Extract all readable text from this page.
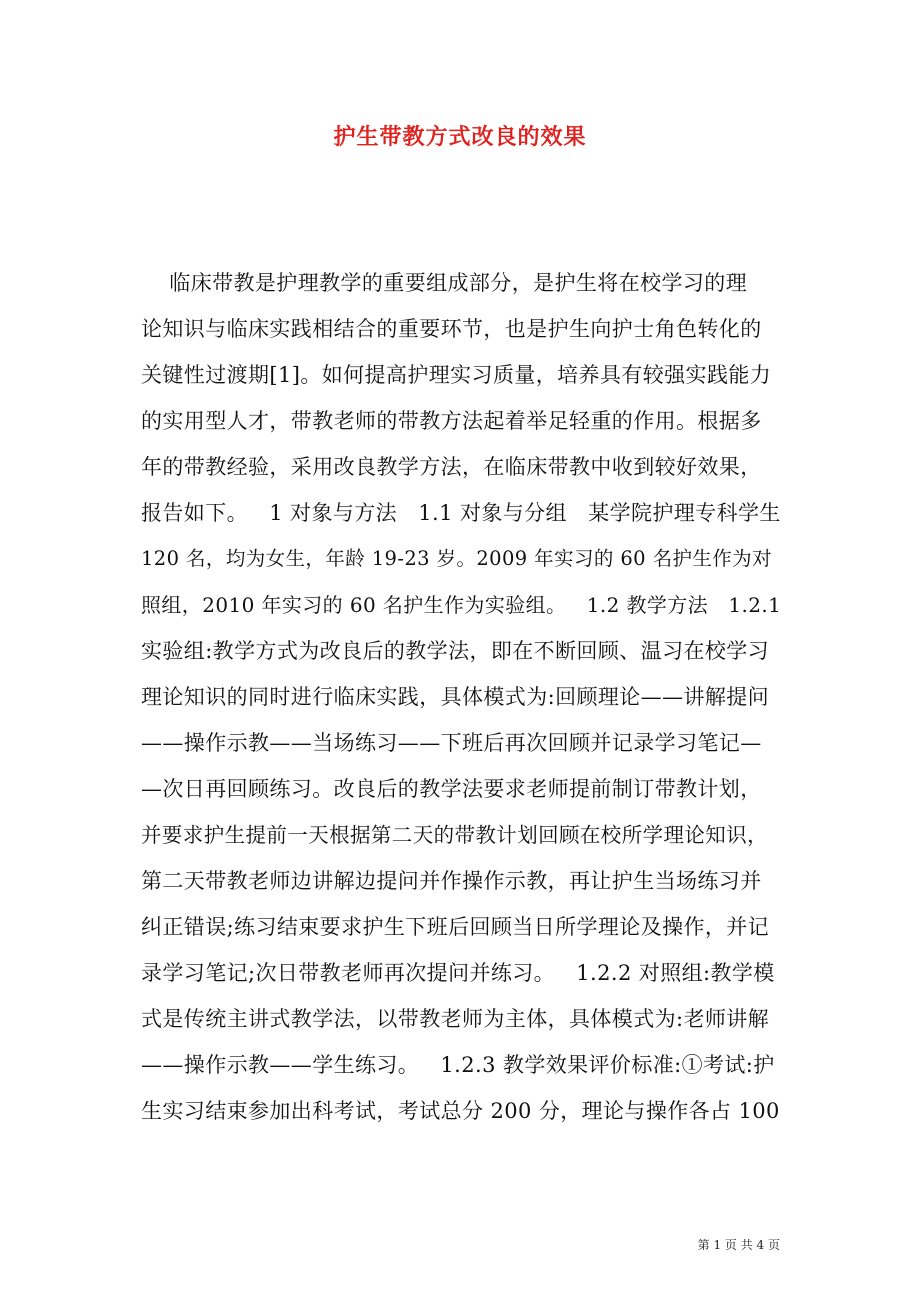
护生带教方式改良的效果
临床带教是护理教学的重要组成部分，是护生将在校学习的理
论知识与临床实践相结合的重要环节，也是护生向护士角色转化的
关键性过渡期[1]。如何提高护理实习质量，培养具有较强实践能力
的实用型人才，带教老师的带教方法起着举足轻重的作用。根据多
年的带教经验，采用改良教学方法，在临床带教中收到较好效果，
报告如下。   1 对象与方法   1.1 对象与分组   某学院护理专科学生
120 名，均为女生，年龄 19-23 岁。2009 年实习的 60 名护生作为对
照组，2010 年实习的 60 名护生作为实验组。   1.2 教学方法   1.2.1
实验组:教学方式为改良后的教学法，即在不断回顾、温习在校学习
理论知识的同时进行临床实践，具体模式为:回顾理论——讲解提问
——操作示教——当场练习——下班后再次回顾并记录学习笔记—
—次日再回顾练习。改良后的教学法要求老师提前制订带教计划，
并要求护生提前一天根据第二天的带教计划回顾在校所学理论知识，
第二天带教老师边讲解边提问并作操作示教，再让护生当场练习并
纠正错误;练习结束要求护生下班后回顾当日所学理论及操作，并记
录学习笔记;次日带教老师再次提问并练习。   1.2.2 对照组:教学模
式是传统主讲式教学法，以带教老师为主体，具体模式为:老师讲解
——操作示教——学生练习。   1.2.3 教学效果评价标准:①考试:护
生实习结束参加出科考试，考试总分 200 分，理论与操作各占 100
第 1 页 共 4 页
